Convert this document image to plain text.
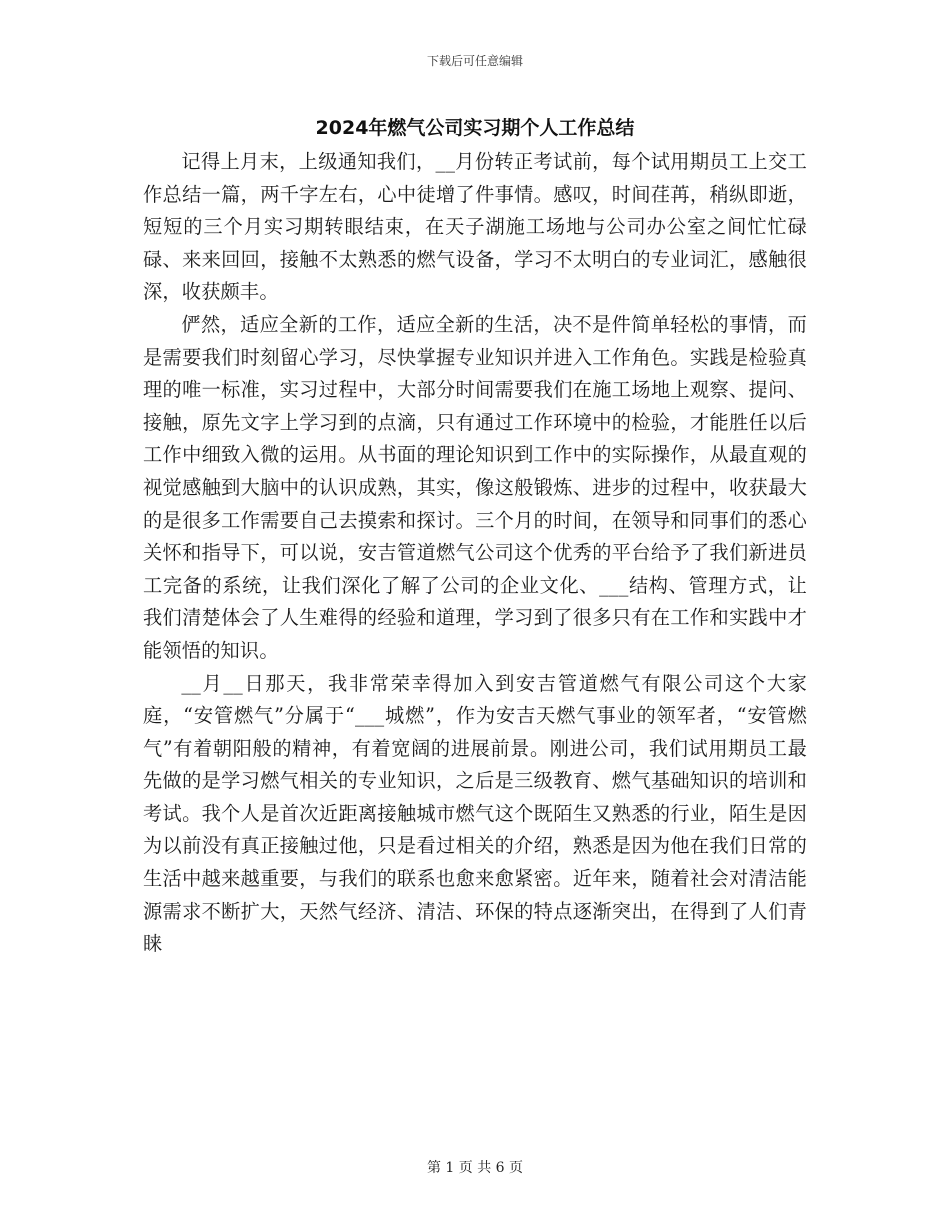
下载后可任意编辑
2024年燃气公司实习期个人工作总结

记得上月末，上级通知我们，__月份转正考试前，每个试用期员工上交工作总结一篇，两千字左右，心中徒增了件事情。感叹，时间荏苒，稍纵即逝，短短的三个月实习期转眼结束，在天子湖施工场地与公司办公室之间忙忙碌碌、来来回回，接触不太熟悉的燃气设备，学习不太明白的专业词汇，感触很深，收获颇丰。

俨然，适应全新的工作，适应全新的生活，决不是件简单轻松的事情，而是需要我们时刻留心学习，尽快掌握专业知识并进入工作角色。实践是检验真理的唯一标准，实习过程中，大部分时间需要我们在施工场地上观察、提问、接触，原先文字上学习到的点滴，只有通过工作环境中的检验，才能胜任以后工作中细致入微的运用。从书面的理论知识到工作中的实际操作，从最直观的视觉感触到大脑中的认识成熟，其实，像这般锻炼、进步的过程中，收获最大的是很多工作需要自己去摸索和探讨。三个月的时间，在领导和同事们的悉心关怀和指导下，可以说，安吉管道燃气公司这个优秀的平台给予了我们新进员工完备的系统，让我们深化了解了公司的企业文化、___结构、管理方式，让我们清楚体会了人生难得的经验和道理，学习到了很多只有在工作和实践中才能领悟的知识。

__月__日那天，我非常荣幸得加入到安吉管道燃气有限公司这个大家庭，“安管燃气”分属于“___城燃”，作为安吉天燃气事业的领军者，“安管燃气”有着朝阳般的精神，有着宽阔的进展前景。刚进公司，我们试用期员工最先做的是学习燃气相关的专业知识，之后是三级教育、燃气基础知识的培训和考试。我个人是首次近距离接触城市燃气这个既陌生又熟悉的行业，陌生是因为以前没有真正接触过他，只是看过相关的介绍，熟悉是因为他在我们日常的生活中越来越重要，与我们的联系也愈来愈紧密。近年来，随着社会对清洁能源需求不断扩大，天然气经济、清洁、环保的特点逐渐突出，在得到了人们青睐

第 1 页 共 6 页
